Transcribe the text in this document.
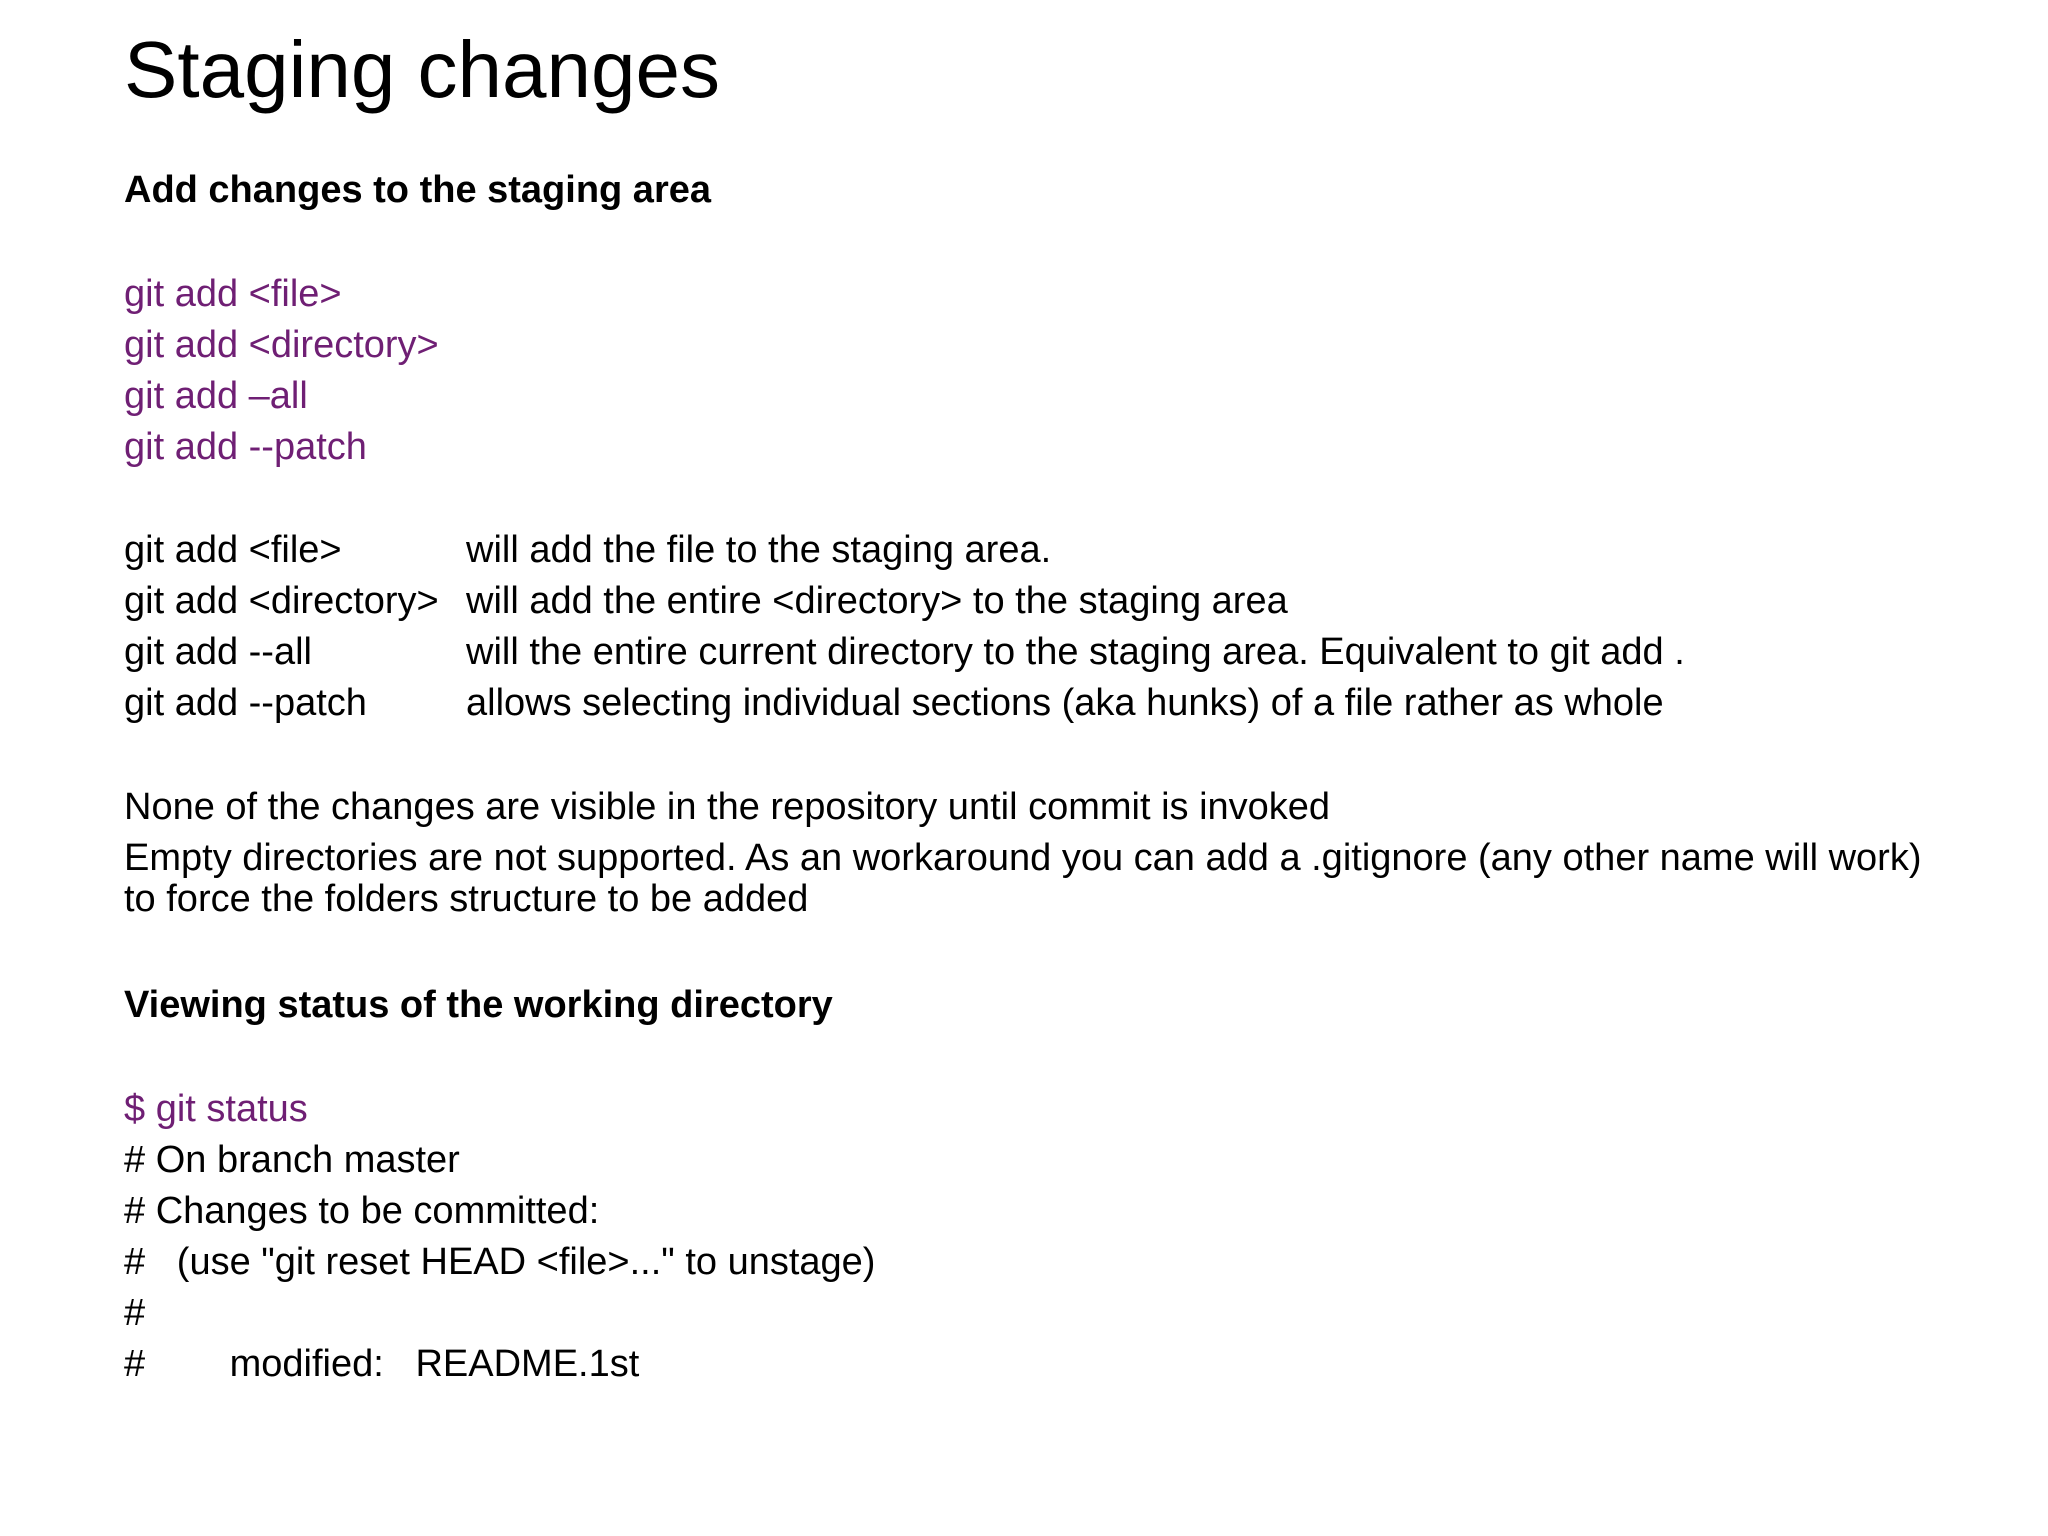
Staging changes
Add changes to the staging area
git add <file>
git add <directory>
git add –all
git add --patch
git add <file>	will add the file to the staging area.
git add <directory> will add the entire <directory> to the staging area
git add --all	will the entire current directory to the staging area. Equivalent to git add .
git add --patch	allows selecting individual sections (aka hunks) of a file rather as whole

None of the changes are visible in the repository until commit is invoked

Empty directories are not supported. As an workaround you can add a .gitignore (any other name will work) to force the folders structure to be added

Viewing status of the working directory
$ git status
# On branch master
# Changes to be committed:
#   (use "git reset HEAD <file>..." to unstage)
#
#        modified:   README.1st
